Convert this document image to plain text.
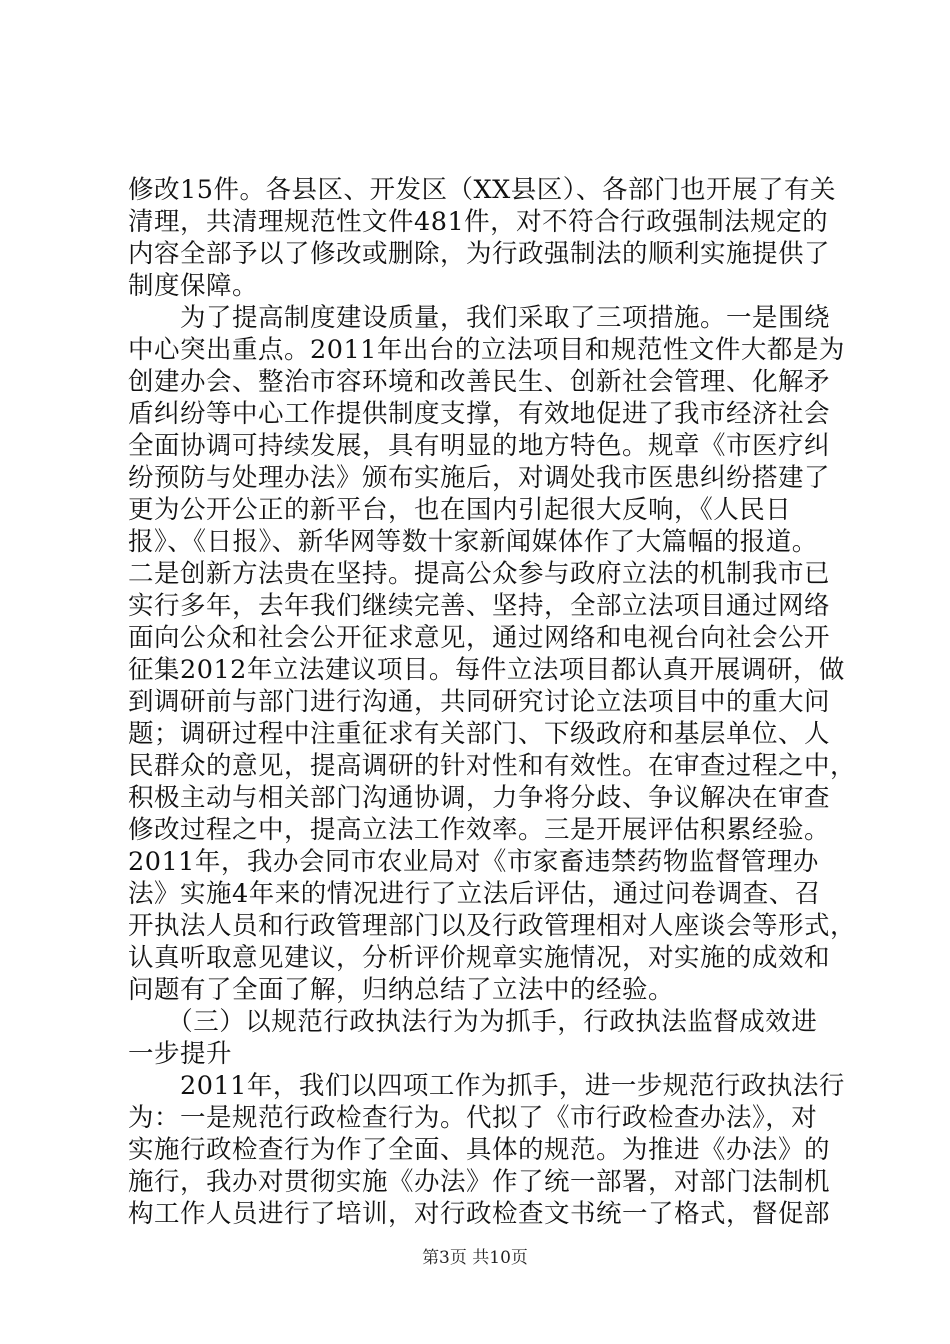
修改15件。各县区、开发区（XX县区）、各部门也开展了有关
清理，共清理规范性文件481件，对不符合行政强制法规定的
内容全部予以了修改或删除，为行政强制法的顺利实施提供了
制度保障。
　　为了提高制度建设质量，我们采取了三项措施。一是围绕
中心突出重点。2011年出台的立法项目和规范性文件大都是为
创建办会、整治市容环境和改善民生、创新社会管理、化解矛
盾纠纷等中心工作提供制度支撑，有效地促进了我市经济社会
全面协调可持续发展，具有明显的地方特色。规章《市医疗纠
纷预防与处理办法》颁布实施后，对调处我市医患纠纷搭建了
更为公开公正的新平台，也在国内引起很大反响，《人民日
报》、《日报》、新华网等数十家新闻媒体作了大篇幅的报道。
二是创新方法贵在坚持。提高公众参与政府立法的机制我市已
实行多年，去年我们继续完善、坚持，全部立法项目通过网络
面向公众和社会公开征求意见，通过网络和电视台向社会公开
征集2012年立法建议项目。每件立法项目都认真开展调研，做
到调研前与部门进行沟通，共同研究讨论立法项目中的重大问
题；调研过程中注重征求有关部门、下级政府和基层单位、人
民群众的意见，提高调研的针对性和有效性。在审查过程之中，
积极主动与相关部门沟通协调，力争将分歧、争议解决在审查
修改过程之中，提高立法工作效率。三是开展评估积累经验。
2011年，我办会同市农业局对《市家畜违禁药物监督管理办
法》实施4年来的情况进行了立法后评估，通过问卷调查、召
开执法人员和行政管理部门以及行政管理相对人座谈会等形式，
认真听取意见建议，分析评价规章实施情况，对实施的成效和
问题有了全面了解，归纳总结了立法中的经验。
　　（三）以规范行政执法行为为抓手，行政执法监督成效进
一步提升
　　2011年，我们以四项工作为抓手，进一步规范行政执法行
为：一是规范行政检查行为。代拟了《市行政检查办法》，对
实施行政检查行为作了全面、具体的规范。为推进《办法》的
施行，我办对贯彻实施《办法》作了统一部署，对部门法制机
构工作人员进行了培训，对行政检查文书统一了格式，督促部
第3页 共10页
